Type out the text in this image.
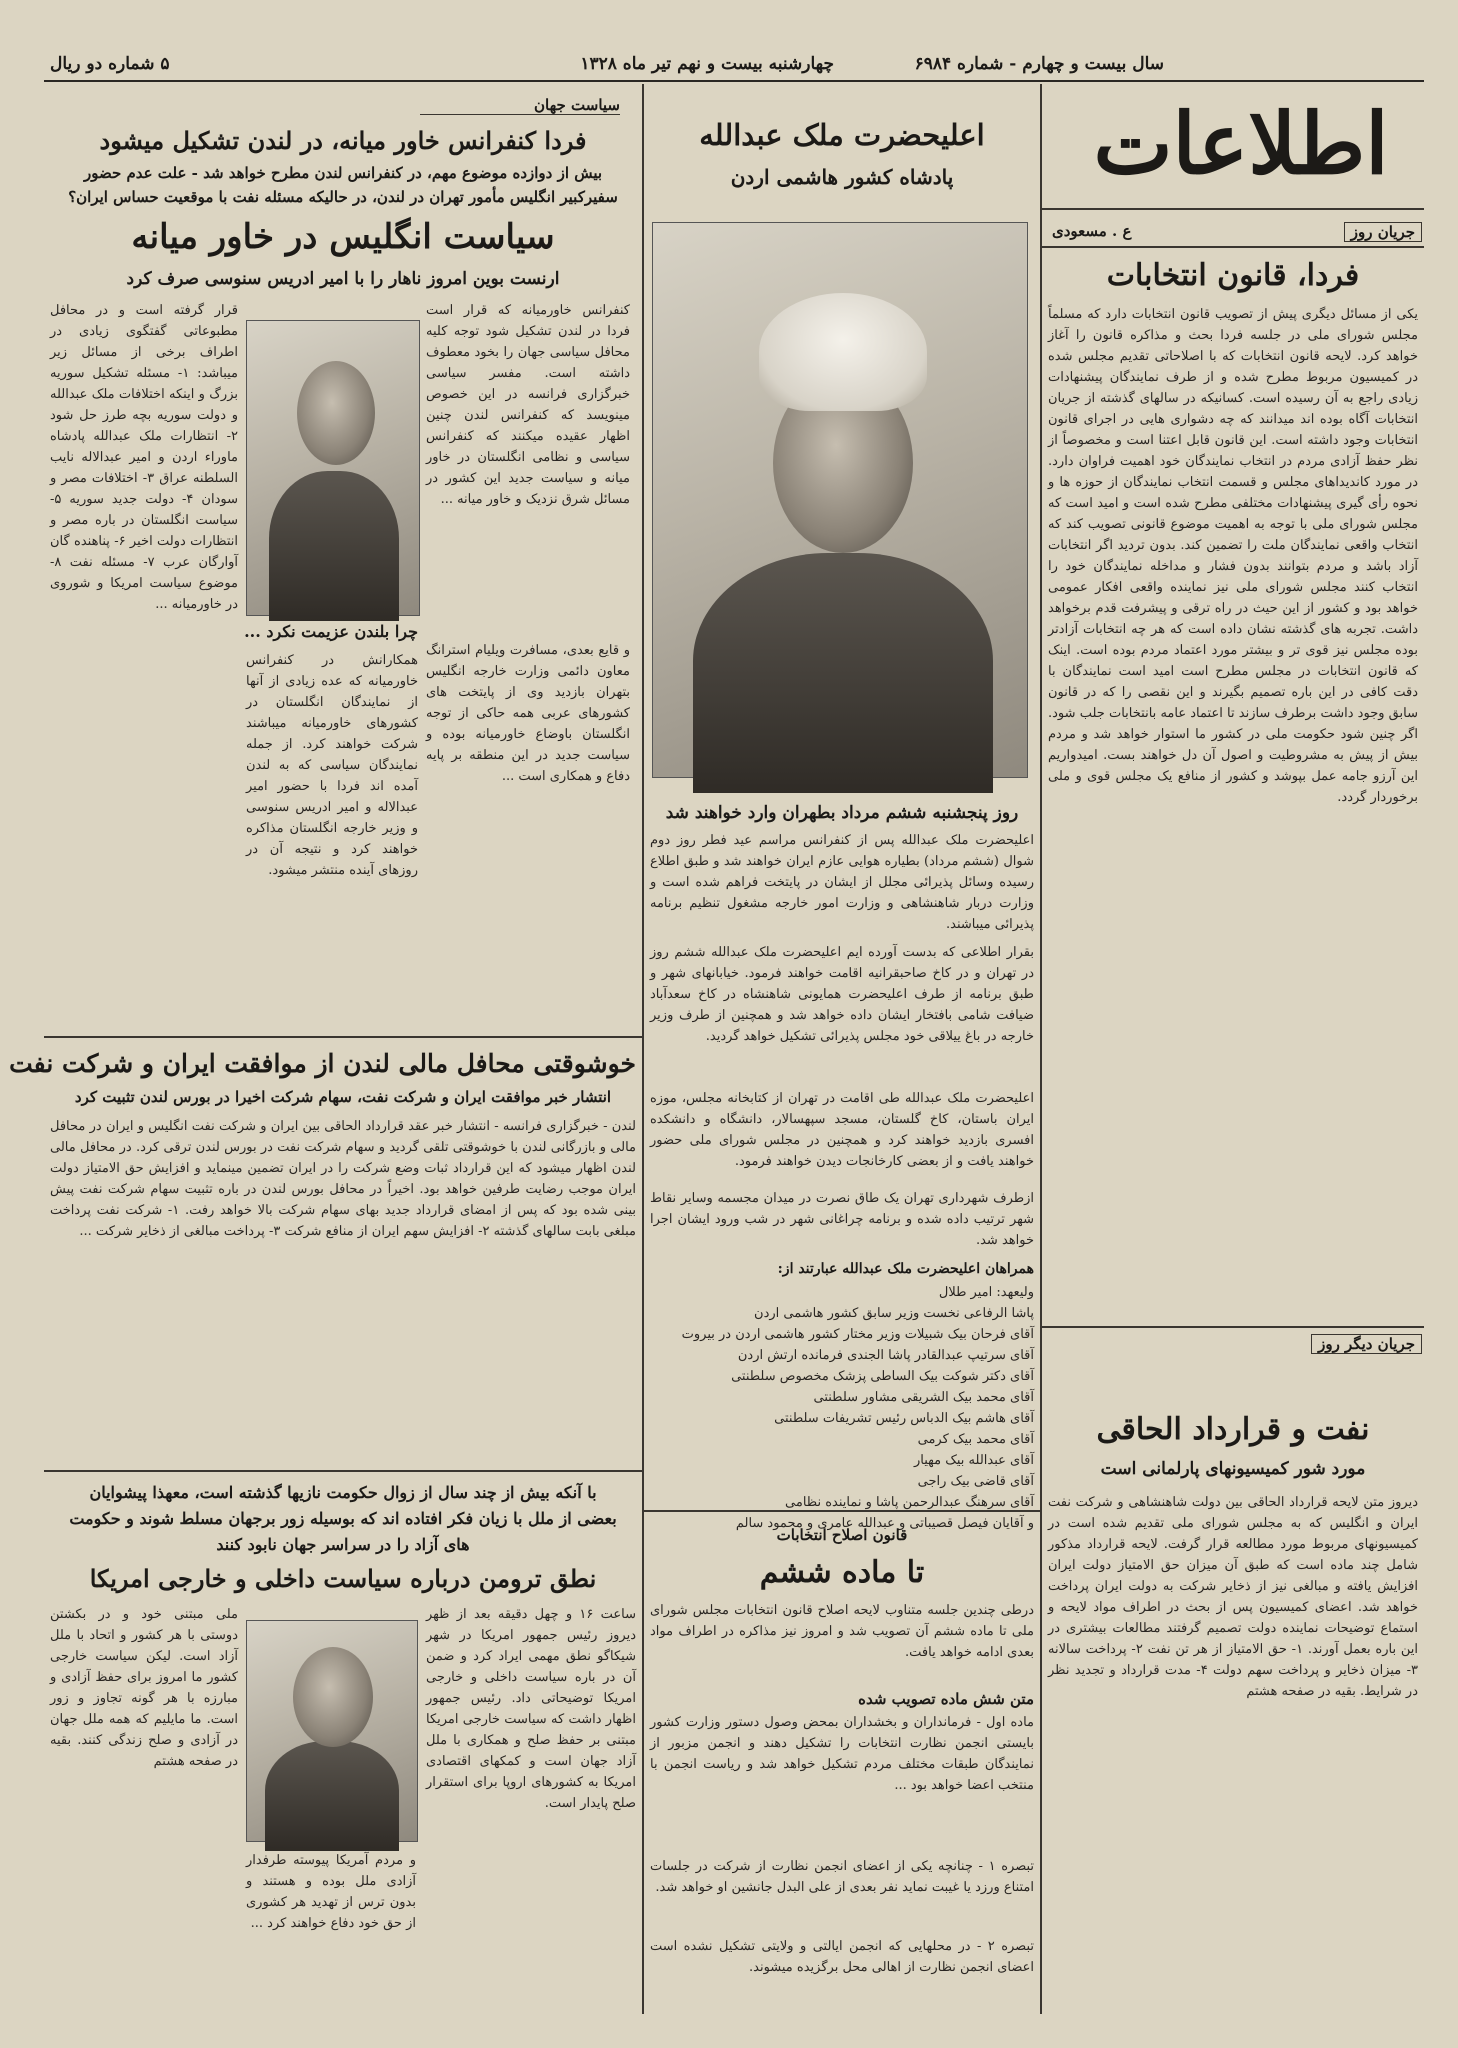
سال بیست و چهارم - شماره ۶۹۸۴
چهارشنبه بیست و نهم تیر ماه ۱۳۲۸
۵ شماره دو ریال
اطلاعات
سیاست جهان
فردا کنفرانس خاور میانه، در لندن تشکیل میشود
بیش از دوازده موضوع مهم، در کنفرانس لندن مطرح خواهد شد - علت عدم حضور
سفیرکبیر انگلیس مأمور تهران در لندن، در حالیکه مسئله نفت با موقعیت حساس ایران؟
سیاست انگلیس در خاور میانه
ارنست بوین امروز ناهار را با امیر ادریس سنوسی صرف کرد
کنفرانس خاورمیانه که قرار است فردا در لندن تشکیل شود توجه کلیه محافل سیاسی جهان را بخود معطوف داشته است. مفسر سیاسی خبرگزاری فرانسه در این خصوص مینویسد که کنفرانس لندن چنین اظهار عقیده میکنند که کنفرانس سیاسی و نظامی انگلستان در خاور میانه و سیاست جدید این کشور در مسائل شرق نزدیک و خاور میانه ...
چرا بلندن عزیمت نکرد ...
قرار گرفته است و در محافل مطبوعاتی گفتگوی زیادی در اطراف برخی از مسائل زیر میباشد: ۱- مسئله تشکیل سوریه بزرگ و اینکه اختلافات ملک عبدالله و دولت سوریه بچه طرز حل شود ۲- انتظارات ملک عبدالله پادشاه ماوراء اردن و امیر عبدالاله نایب السلطنه عراق ۳- اختلافات مصر و سودان ۴- دولت جدید سوریه ۵- سیاست انگلستان در باره مصر و انتظارات دولت اخیر ۶- پناهنده گان آوارگان عرب ۷- مسئله نفت ۸- موضوع سیاست امریکا و شوروی در خاورمیانه ...
همکارانش در کنفرانس خاورمیانه که عده زیادی از آنها از نمایندگان انگلستان در کشورهای خاورمیانه میباشند شرکت خواهند کرد. از جمله نمایندگان سیاسی که به لندن آمده اند فردا با حضور امیر عبدالاله و امیر ادریس سنوسی و وزیر خارجه انگلستان مذاکره خواهند کرد و نتیجه آن در روزهای آینده منتشر میشود.
و قایع بعدی، مسافرت ویلیام استرانگ معاون دائمی وزارت خارجه انگلیس بتهران بازدید وی از پایتخت های کشورهای عربی همه حاکی از توجه انگلستان باوضاع خاورمیانه بوده و سیاست جدید در این منطقه بر پایه دفاع و همکاری است ...
خوشوقتی محافل مالی لندن از موافقت ایران و شرکت نفت
انتشار خبر موافقت ایران و شرکت نفت، سهام شرکت اخیرا در بورس لندن تثبیت کرد
لندن - خبرگزاری فرانسه - انتشار خبر عقد قرارداد الحاقی بین ایران و شرکت نفت انگلیس و ایران در محافل مالی و بازرگانی لندن با خوشوقتی تلقی گردید و سهام شرکت نفت در بورس لندن ترقی کرد. در محافل مالی لندن اظهار میشود که این قرارداد ثبات وضع شرکت را در ایران تضمین مینماید و افزایش حق الامتیاز دولت ایران موجب رضایت طرفین خواهد بود. اخیراً در محافل بورس لندن در باره تثبیت سهام شرکت نفت پیش بینی شده بود که پس از امضای قرارداد جدید بهای سهام شرکت بالا خواهد رفت. ۱- شرکت نفت پرداخت مبلغی بابت سالهای گذشته ۲- افزایش سهم ایران از منافع شرکت ۳- پرداخت مبالغی از ذخایر شرکت ...
با آنکه بیش از چند سال از زوال حکومت نازیها گذشته است، معهذا پیشوایان
بعضی از ملل با زیان فکر افتاده اند که بوسیله زور برجهان مسلط شوند و حکومت
های آزاد را در سراسر جهان نابود کنند
نطق ترومن درباره سیاست داخلی و خارجی امریکا
ساعت ۱۶ و چهل دقیقه بعد از ظهر دیروز رئیس جمهور امریکا در شهر شیکاگو نطق مهمی ایراد کرد و ضمن آن در باره سیاست داخلی و خارجی امریکا توضیحاتی داد. رئیس جمهور اظهار داشت که سیاست خارجی امریکا مبتنی بر حفظ صلح و همکاری با ملل آزاد جهان است و کمکهای اقتصادی امریکا به کشورهای اروپا برای استقرار صلح پایدار است.
و مردم آمریکا پیوسته طرفدار آزادی ملل بوده و هستند و بدون ترس از تهدید هر کشوری از حق خود دفاع خواهند کرد ...
ملی مبتنی خود و در بکشتن دوستی با هر کشور و اتحاد با ملل آزاد است. لیکن سیاست خارجی کشور ما امروز برای حفظ آزادی و مبارزه با هر گونه تجاوز و زور است. ما مایلیم که همه ملل جهان در آزادی و صلح زندگی کنند. بقیه در صفحه هشتم
اعلیحضرت ملک عبدالله
پادشاه کشور هاشمی اردن
روز پنجشنبه ششم مرداد بطهران وارد خواهند شد
اعلیحضرت ملک عبدالله پس از کنفرانس مراسم عید فطر روز دوم شوال (ششم مرداد) بطیاره هوایی عازم ایران خواهند شد و طبق اطلاع رسیده وسائل پذیرائی مجلل از ایشان در پایتخت فراهم شده است و وزارت دربار شاهنشاهی و وزارت امور خارجه مشغول تنظیم برنامه پذیرائی میباشند.
بقرار اطلاعی که بدست آورده ایم اعلیحضرت ملک عبدالله ششم روز در تهران و در کاخ صاحبقرانیه اقامت خواهند فرمود. خیابانهای شهر و طبق برنامه از طرف اعلیحضرت همایونی شاهنشاه در کاخ سعدآباد ضیافت شامی بافتخار ایشان داده خواهد شد و همچنین از طرف وزیر خارجه در باغ ییلاقی خود مجلس پذیرائی تشکیل خواهد گردید.
اعلیحضرت ملک عبدالله طی اقامت در تهران از کتابخانه مجلس، موزه ایران باستان، کاخ گلستان، مسجد سپهسالار، دانشگاه و دانشکده افسری بازدید خواهند کرد و همچنین در مجلس شورای ملی حضور خواهند یافت و از بعضی کارخانجات دیدن خواهند فرمود.
ازطرف شهرداری تهران یک طاق نصرت در میدان مجسمه وسایر نقاط شهر ترتیب داده شده و برنامه چراغانی شهر در شب ورود ایشان اجرا خواهد شد.
همراهان اعلیحضرت ملک عبدالله عبارتند از:
ولیعهد: امیر طلال
پاشا الرفاعی نخست وزیر سابق کشور هاشمی اردن
آقای فرحان بیک شبیلات وزیر مختار کشور هاشمی اردن در بیروت
آقای سرتیپ عبدالقادر پاشا الجندی فرمانده ارتش اردن
آقای دکتر شوکت بیک الساطی پزشک مخصوص سلطنتی
آقای محمد بیک الشریقی مشاور سلطنتی
آقای هاشم بیک الدباس رئیس تشریفات سلطنتی
آقای محمد بیک کرمی
آقای عبدالله بیک مهیار
آقای قاضی بیک راجی
آقای سرهنگ عبدالرحمن پاشا و نماینده نظامی
و آقایان فیصل قصیباتی و عبدالله عامری و محمود سالم
قانون اصلاح انتخابات
تا ماده ششم
درطی چندین جلسه متناوب لایحه اصلاح قانون انتخابات مجلس شورای ملی تا ماده ششم آن تصویب شد و امروز نیز مذاکره در اطراف مواد بعدی ادامه خواهد یافت.
متن شش ماده تصویب شده
ماده اول - فرمانداران و بخشداران بمحض وصول دستور وزارت کشور بایستی انجمن نظارت انتخابات را تشکیل دهند و انجمن مزبور از نمایندگان طبقات مختلف مردم تشکیل خواهد شد و ریاست انجمن با منتخب اعضا خواهد بود ...
تبصره ۱ - چنانچه یکی از اعضای انجمن نظارت از شرکت در جلسات امتناع ورزد یا غیبت نماید نفر بعدی از علی البدل جانشین او خواهد شد.
تبصره ۲ - در محلهایی که انجمن ایالتی و ولایتی تشکیل نشده است اعضای انجمن نظارت از اهالی محل برگزیده میشوند.
جریان روز
ع . مسعودی
فردا، قانون انتخابات
یکی از مسائل دیگری پیش از تصویب قانون انتخابات دارد که مسلماً مجلس شورای ملی در جلسه فردا بحث و مذاکره قانون را آغاز خواهد کرد. لایحه قانون انتخابات که با اصلاحاتی تقدیم مجلس شده در کمیسیون مربوط مطرح شده و از طرف نمایندگان پیشنهادات زیادی راجع به آن رسیده است. کسانیکه در سالهای گذشته از جریان انتخابات آگاه بوده اند میدانند که چه دشواری هایی در اجرای قانون انتخابات وجود داشته است. این قانون قابل اعتنا است و مخصوصاً از نظر حفظ آزادی مردم در انتخاب نمایندگان خود اهمیت فراوان دارد. در مورد کاندیداهای مجلس و قسمت انتخاب نمایندگان از حوزه ها و نحوه رأی گیری پیشنهادات مختلفی مطرح شده است و امید است که مجلس شورای ملی با توجه به اهمیت موضوع قانونی تصویب کند که انتخاب واقعی نمایندگان ملت را تضمین کند. بدون تردید اگر انتخابات آزاد باشد و مردم بتوانند بدون فشار و مداخله نمایندگان خود را انتخاب کنند مجلس شورای ملی نیز نماینده واقعی افکار عمومی خواهد بود و کشور از این حیث در راه ترقی و پیشرفت قدم برخواهد داشت. تجربه های گذشته نشان داده است که هر چه انتخابات آزادتر بوده مجلس نیز قوی تر و بیشتر مورد اعتماد مردم بوده است. اینک که قانون انتخابات در مجلس مطرح است امید است نمایندگان با دقت کافی در این باره تصمیم بگیرند و این نقصی را که در قانون سابق وجود داشت برطرف سازند تا اعتماد عامه بانتخابات جلب شود. اگر چنین شود حکومت ملی در کشور ما استوار خواهد شد و مردم بیش از پیش به مشروطیت و اصول آن دل خواهند بست. امیدواریم این آرزو جامه عمل بپوشد و کشور از منافع یک مجلس قوی و ملی برخوردار گردد.
جریان دیگر روز
نفت و قرارداد الحاقی
مورد شور کمیسیونهای پارلمانی است
دیروز متن لایحه قرارداد الحاقی بین دولت شاهنشاهی و شرکت نفت ایران و انگلیس که به مجلس شورای ملی تقدیم شده است در کمیسیونهای مربوط مورد مطالعه قرار گرفت. لایحه قرارداد مذکور شامل چند ماده است که طبق آن میزان حق الامتیاز دولت ایران افزایش یافته و مبالغی نیز از ذخایر شرکت به دولت ایران پرداخت خواهد شد. اعضای کمیسیون پس از بحث در اطراف مواد لایحه و استماع توضیحات نماینده دولت تصمیم گرفتند مطالعات بیشتری در این باره بعمل آورند. ۱- حق الامتیاز از هر تن نفت ۲- پرداخت سالانه ۳- میزان ذخایر و پرداخت سهم دولت ۴- مدت قرارداد و تجدید نظر در شرایط. بقیه در صفحه هشتم
